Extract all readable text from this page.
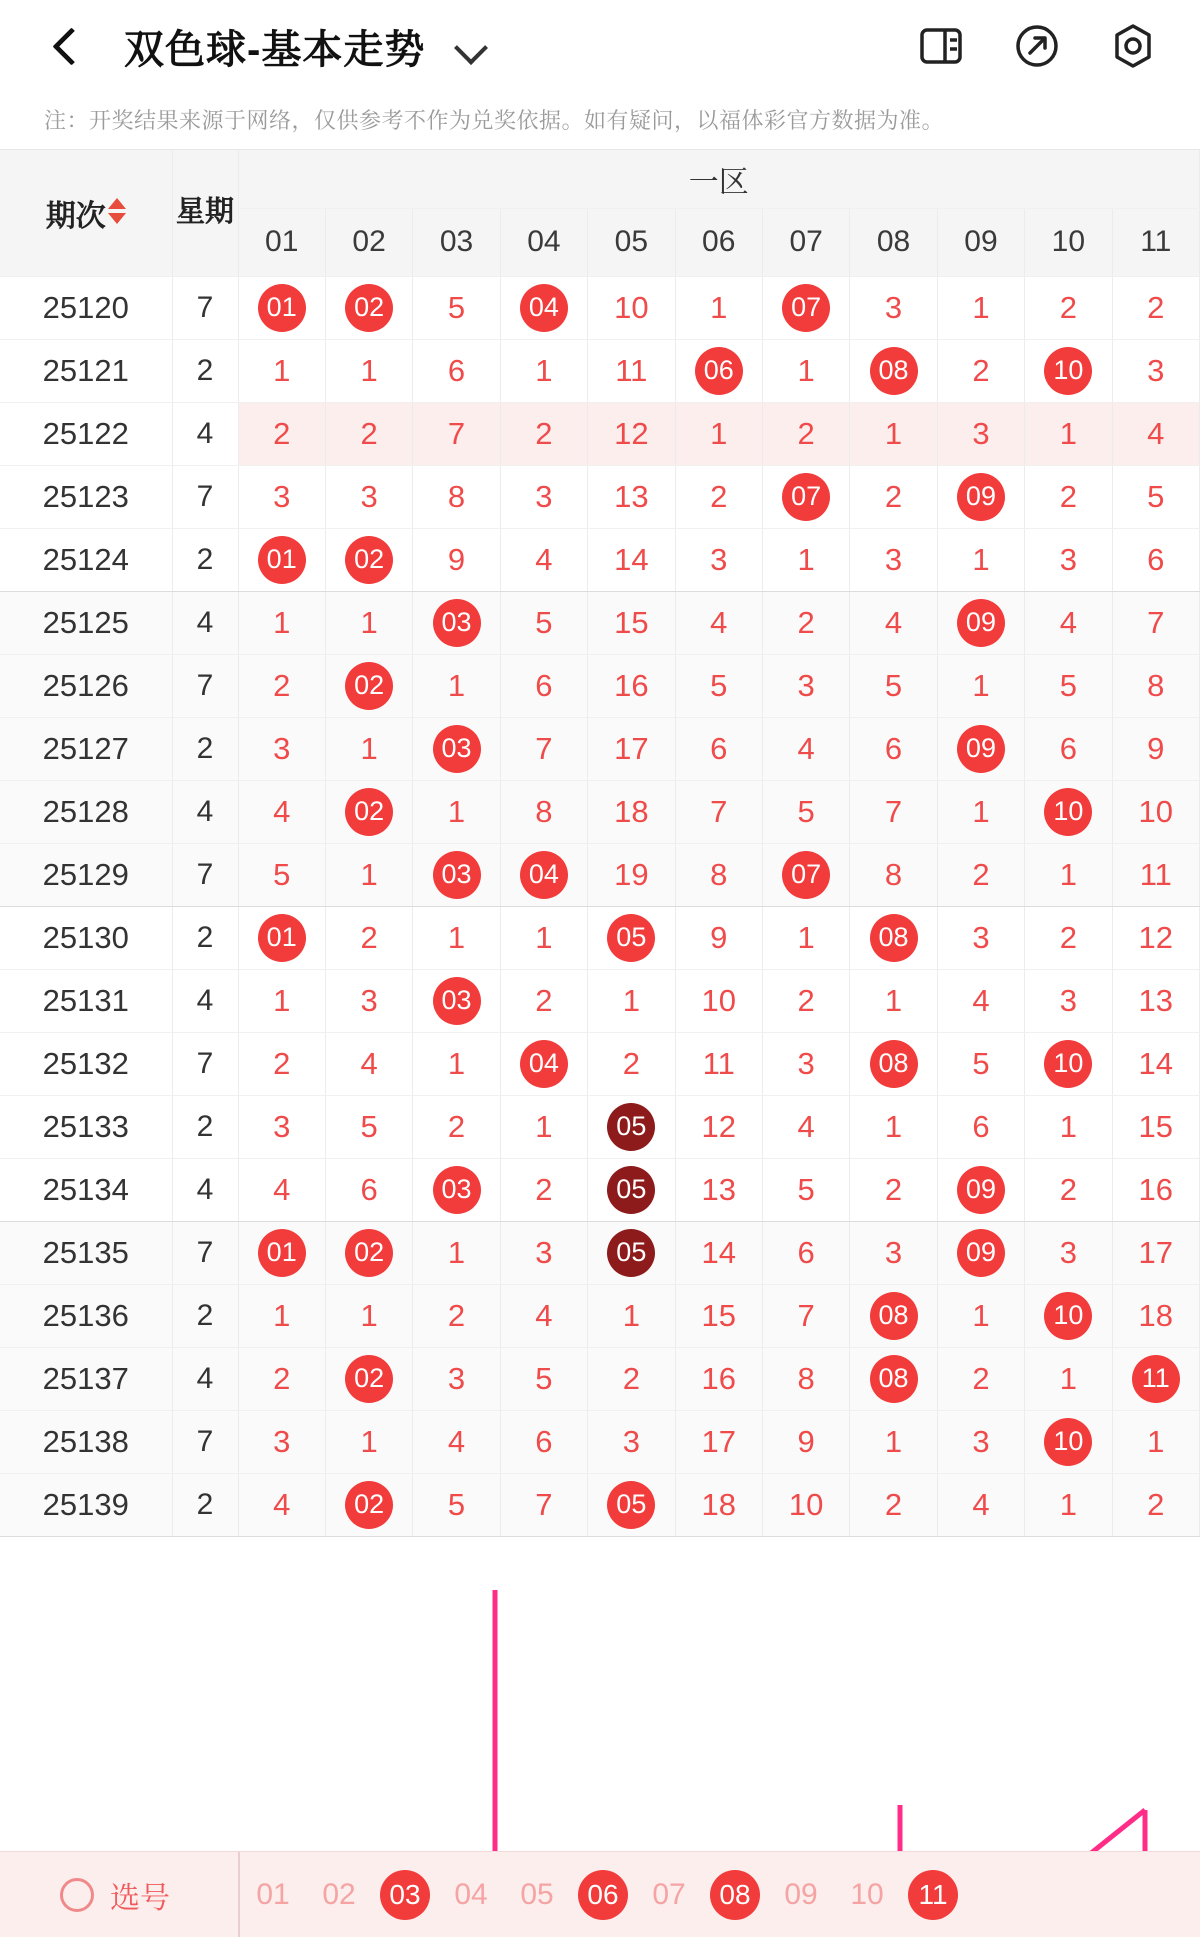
双色球-基本走势
注：开奖结果来源于网络，仅供参考不作为兑奖依据。如有疑问，以福体彩官方数据为准。
期次	星期	一区										
		01	02	03	04	05	06	07	08	09	10	11
25120	7	01	02	5	04	10	1	07	3	1	2	2
25121	2	1	1	6	1	11	06	1	08	2	10	3
25122	4	2	2	7	2	12	1	2	1	3	1	4
25123	7	3	3	8	3	13	2	07	2	09	2	5
25124	2	01	02	9	4	14	3	1	3	1	3	6
25125	4	1	1	03	5	15	4	2	4	09	4	7
25126	7	2	02	1	6	16	5	3	5	1	5	8
25127	2	3	1	03	7	17	6	4	6	09	6	9
25128	4	4	02	1	8	18	7	5	7	1	10	10
25129	7	5	1	03	04	19	8	07	8	2	1	11
25130	2	01	2	1	1	05	9	1	08	3	2	12
25131	4	1	3	03	2	1	10	2	1	4	3	13
25132	7	2	4	1	04	2	11	3	08	5	10	14
25133	2	3	5	2	1	05	12	4	1	6	1	15
25134	4	4	6	03	2	05	13	5	2	09	2	16
25135	7	01	02	1	3	05	14	6	3	09	3	17
25136	2	1	1	2	4	1	15	7	08	1	10	18
25137	4	2	02	3	5	2	16	8	08	2	1	11
25138	7	3	1	4	6	3	17	9	1	3	10	1
25139	2	4	02	5	7	05	18	10	2	4	1	2
选号	01	02	03	04	05	06	07	08	09	10	11
